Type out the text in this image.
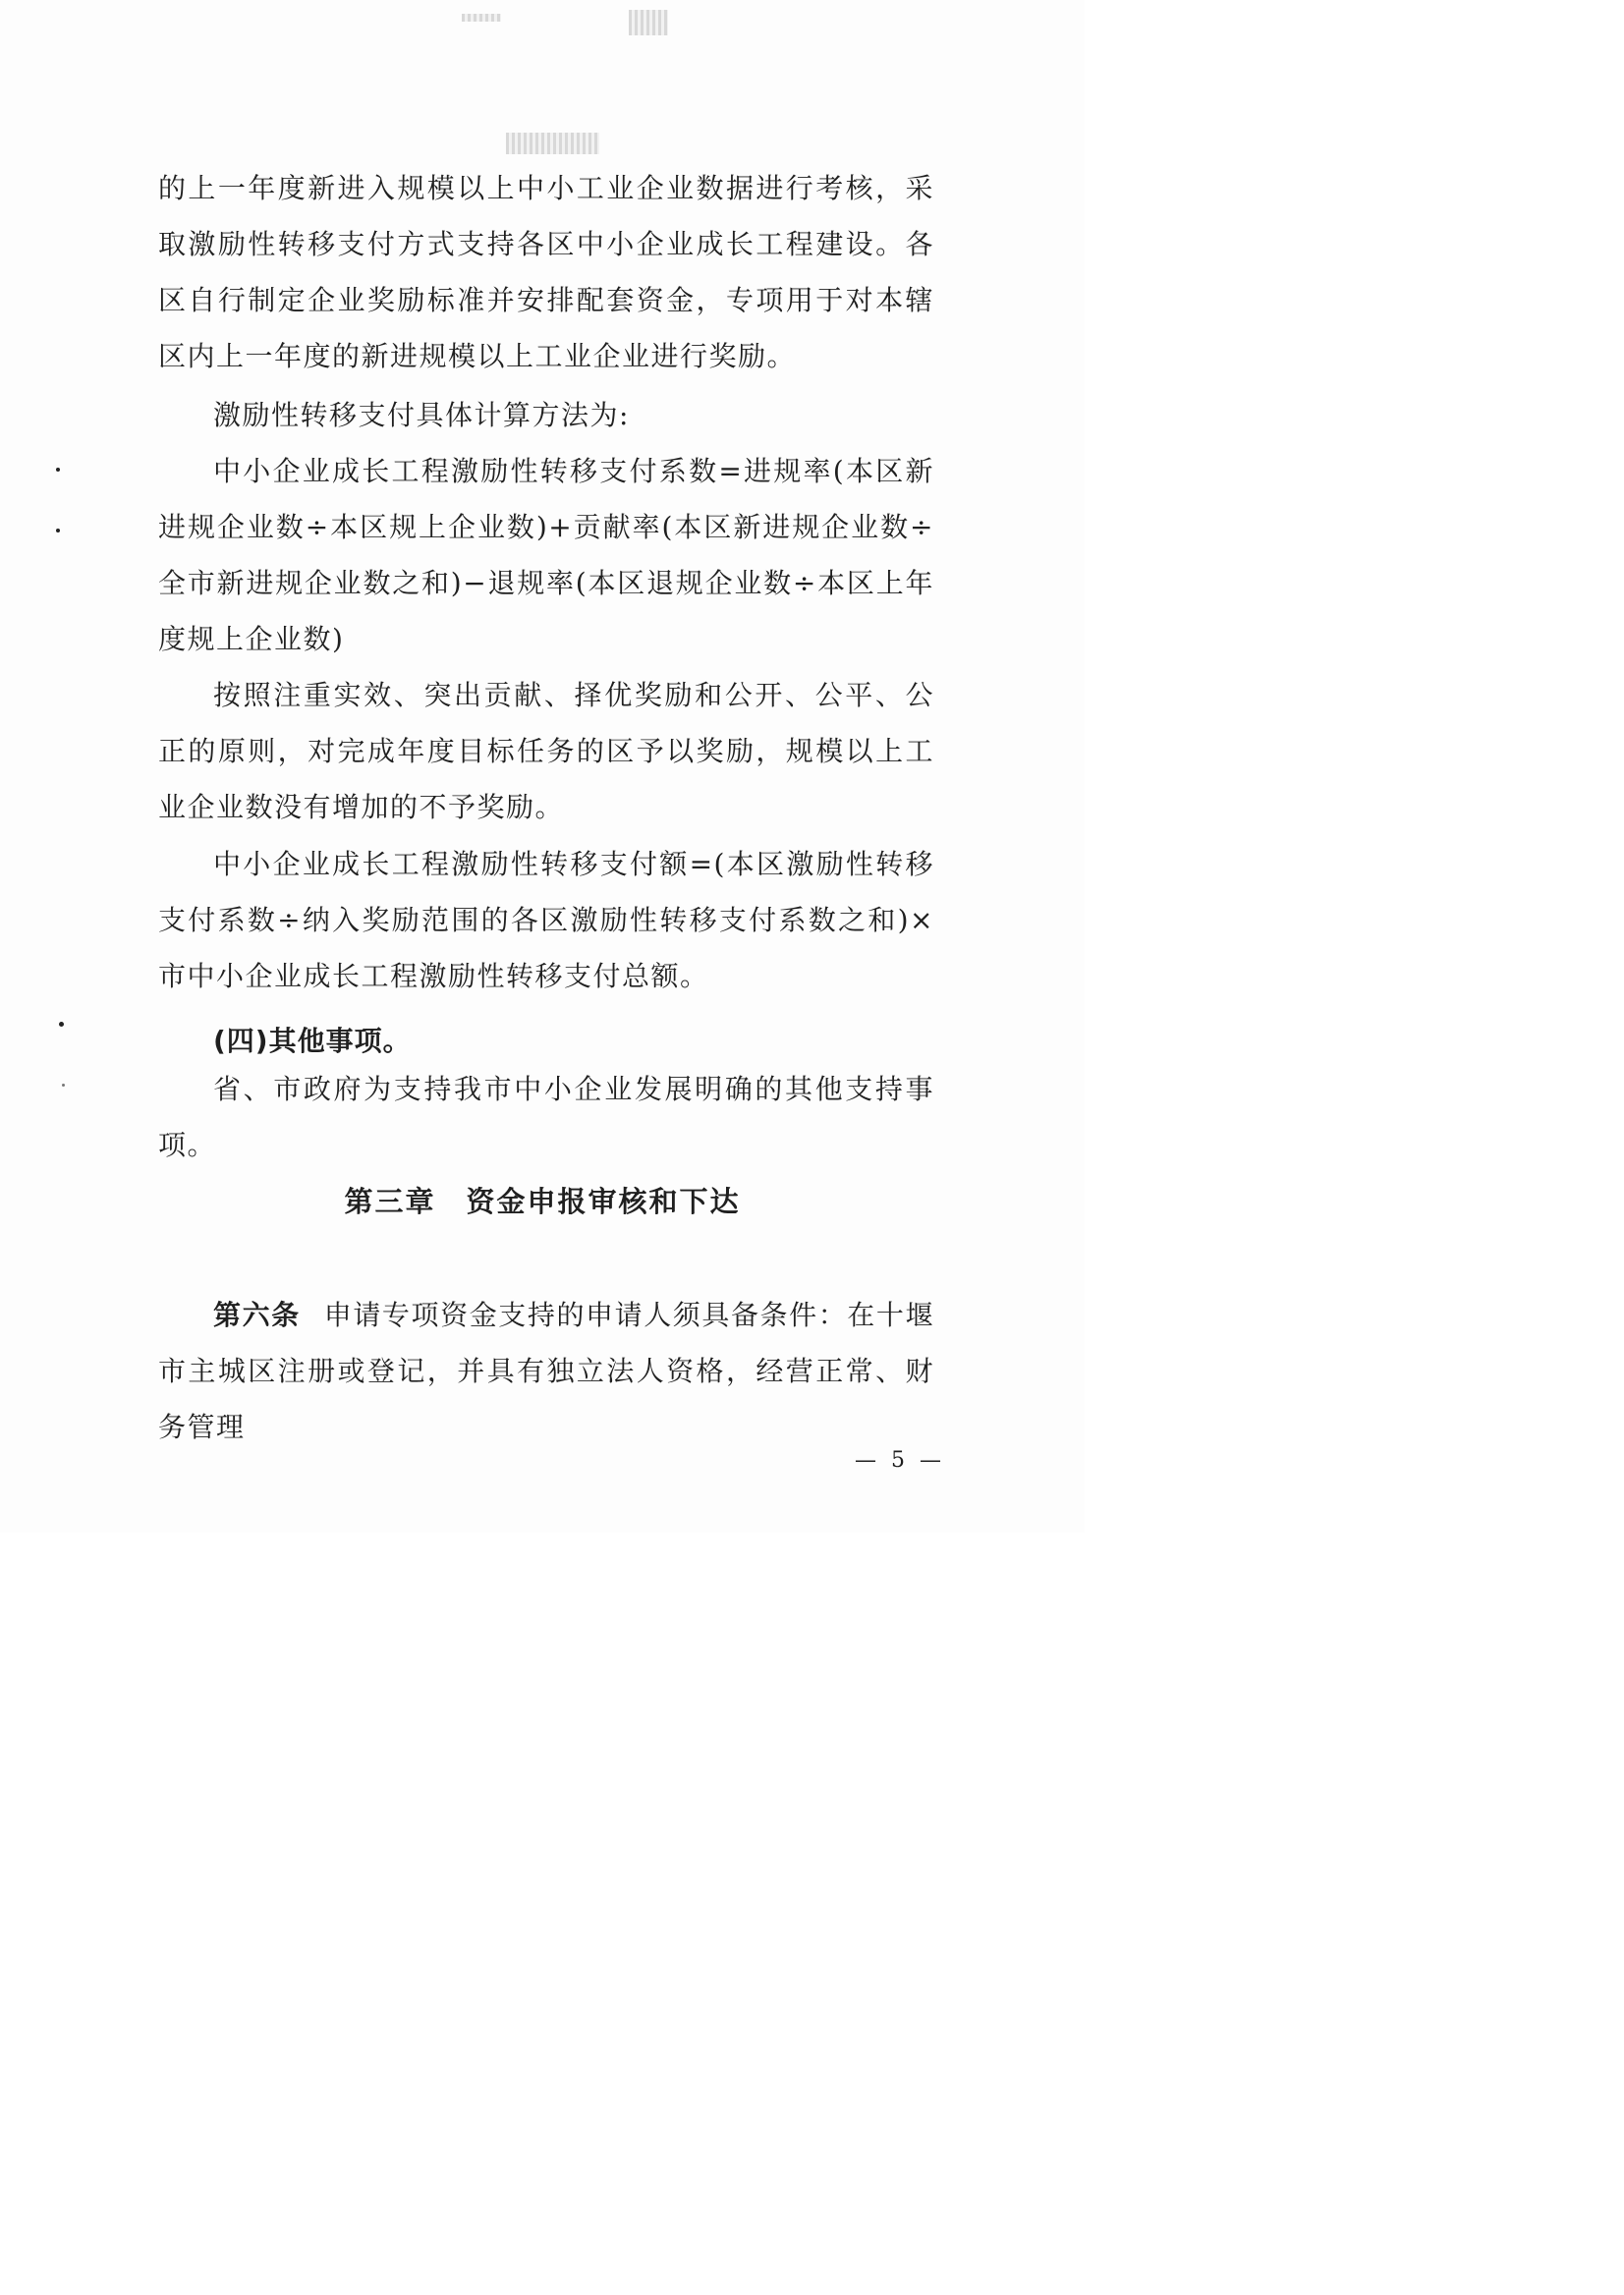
的上一年度新进入规模以上中小工业企业数据进行考核，采取激励性转移支付方式支持各区中小企业成长工程建设。各区自行制定企业奖励标准并安排配套资金，专项用于对本辖区内上一年度的新进规模以上工业企业进行奖励。

激励性转移支付具体计算方法为:

中小企业成长工程激励性转移支付系数=进规率(本区新进规企业数÷本区规上企业数)+贡献率(本区新进规企业数÷全市新进规企业数之和)−退规率(本区退规企业数÷本区上年度规上企业数)

按照注重实效、突出贡献、择优奖励和公开、公平、公正的原则，对完成年度目标任务的区予以奖励，规模以上工业企业数没有增加的不予奖励。

中小企业成长工程激励性转移支付额=(本区激励性转移支付系数÷纳入奖励范围的各区激励性转移支付系数之和)×市中小企业成长工程激励性转移支付总额。

(四)其他事项。

省、市政府为支持我市中小企业发展明确的其他支持事项。

第三章　资金申报审核和下达

第六条 申请专项资金支持的申请人须具备条件：在十堰市主城区注册或登记，并具有独立法人资格，经营正常、财务管理

— 5 —
